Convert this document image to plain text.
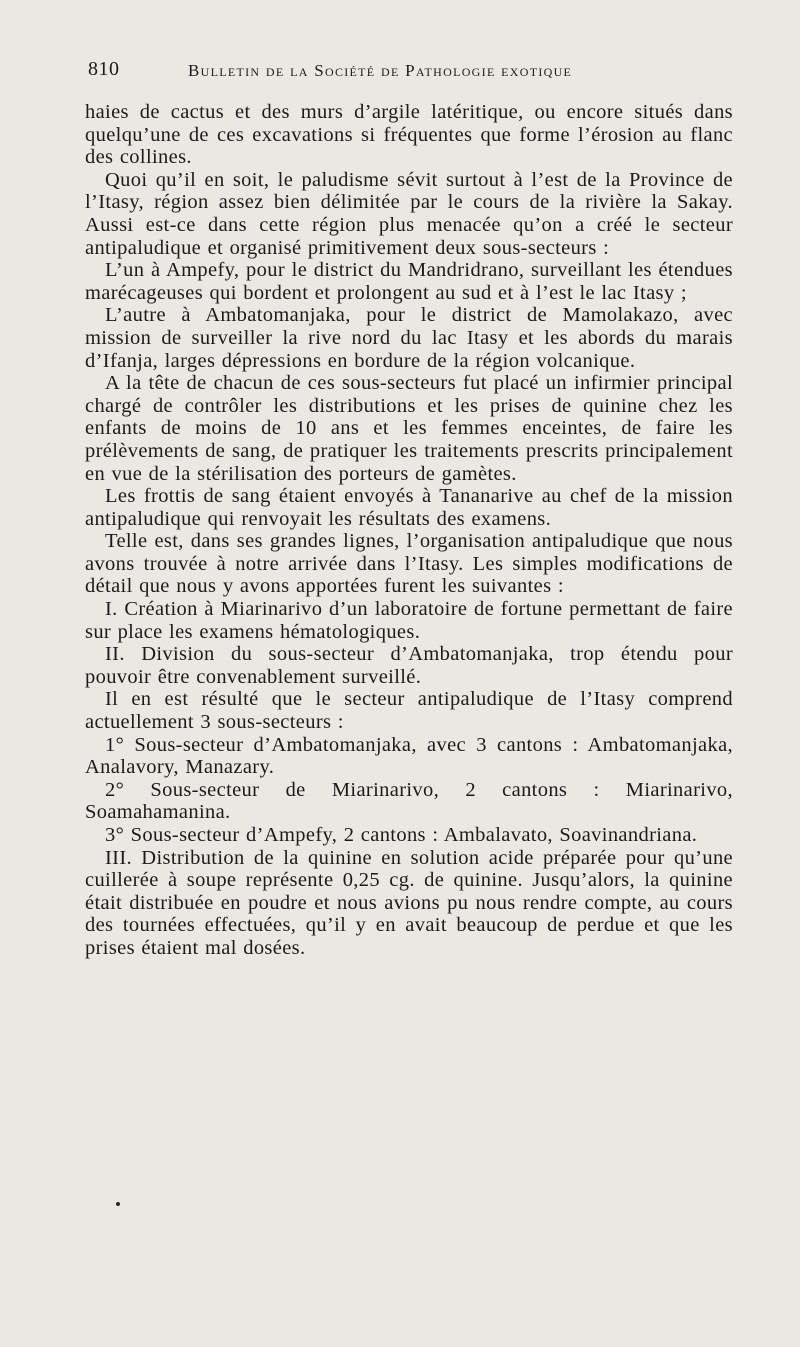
810	Bulletin de la Société de Pathologie exotique

haies de cactus et des murs d’argile latéritique, ou encore situés dans quelqu’une de ces excavations si fréquentes que forme l’érosion au flanc des collines.

Quoi qu’il en soit, le paludisme sévit surtout à l’est de la Province de l’Itasy, région assez bien délimitée par le cours de la rivière la Sakay. Aussi est-ce dans cette région plus menacée qu’on a créé le secteur antipaludique et organisé primitivement deux sous-secteurs :

L’un à Ampefy, pour le district du Mandridrano, surveillant les étendues marécageuses qui bordent et prolongent au sud et à l’est le lac Itasy ;

L’autre à Ambatomanjaka, pour le district de Mamolakazo, avec mission de surveiller la rive nord du lac Itasy et les abords du marais d’Ifanja, larges dépressions en bordure de la région volcanique.

A la tête de chacun de ces sous-secteurs fut placé un infirmier principal chargé de contrôler les distributions et les prises de quinine chez les enfants de moins de 10 ans et les femmes enceintes, de faire les prélèvements de sang, de pratiquer les traitements prescrits principalement en vue de la stérilisation des porteurs de gamètes.

Les frottis de sang étaient envoyés à Tananarive au chef de la mission antipaludique qui renvoyait les résultats des examens.

Telle est, dans ses grandes lignes, l’organisation antipaludique que nous avons trouvée à notre arrivée dans l’Itasy. Les simples modifications de détail que nous y avons apportées furent les suivantes :

I. Création à Miarinarivo d’un laboratoire de fortune permettant de faire sur place les examens hématologiques.

II. Division du sous-secteur d’Ambatomanjaka, trop étendu pour pouvoir être convenablement surveillé.

Il en est résulté que le secteur antipaludique de l’Itasy comprend actuellement 3 sous-secteurs :

1° Sous-secteur d’Ambatomanjaka, avec 3 cantons : Ambatomanjaka, Analavory, Manazary.

2° Sous-secteur de Miarinarivo, 2 cantons : Miarinarivo, Soamahamanina.

3° Sous-secteur d’Ampefy, 2 cantons : Ambalavato, Soavinandriana.

III. Distribution de la quinine en solution acide préparée pour qu’une cuillerée à soupe représente 0,25 cg. de quinine. Jusqu’alors, la quinine était distribuée en poudre et nous avions pu nous rendre compte, au cours des tournées effectuées, qu’il y en avait beaucoup de perdue et que les prises étaient mal dosées.
